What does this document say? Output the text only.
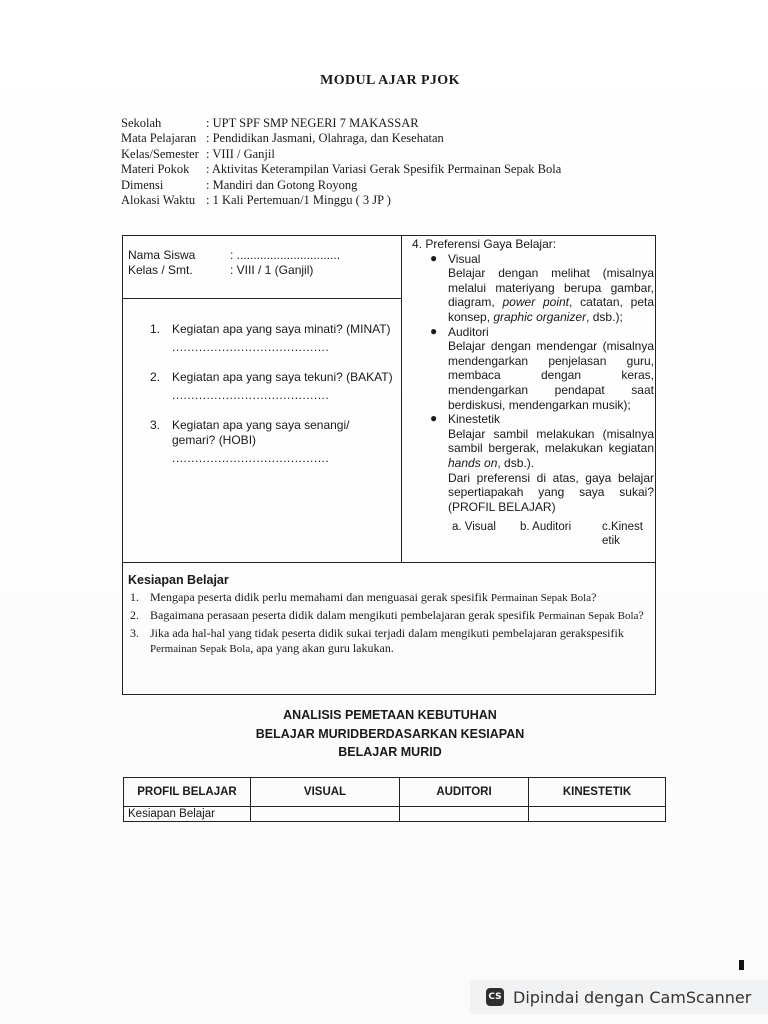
MODUL AJAR PJOK
Sekolah	: UPT SPF SMP NEGERI 7 MAKASSAR
Mata Pelajaran : Pendidikan Jasmani, Olahraga, dan Kesehatan
Kelas/Semester : VIII / Ganjil
Materi Pokok : Aktivitas Keterampilan Variasi Gerak Spesifik Permainan Sepak Bola
Dimensi	: Mandiri dan Gotong Royong
Alokasi Waktu : 1 Kali Pertemuan/1 Minggu ( 3 JP )
Nama Siswa	: ...............................
Kelas / Smt.	: VIII / 1 (Ganjil)
1. Kegiatan apa yang saya minati? (MINAT)
.........................................
2. Kegiatan apa yang saya tekuni? (BAKAT)
.........................................
3. Kegiatan apa yang saya senangi/ gemari? (HOBI)
.........................................
4. Preferensi Gaya Belajar:
● Visual
Belajar dengan melihat (misalnya melalui materiyang berupa gambar, diagram, power point, catatan, peta konsep, graphic organizer, dsb.);
● Auditori
Belajar dengan mendengar (misalnya mendengarkan penjelasan guru, membaca dengan keras, mendengarkan pendapat saat berdiskusi, mendengarkan musik);
● Kinestetik
Belajar sambil melakukan (misalnya sambil bergerak, melakukan kegiatan hands on, dsb.).
Dari preferensi di atas, gaya belajar sepertiapakah yang saya sukai? (PROFIL BELAJAR)
a. Visual	b. Auditori	c.Kinest etik
Kesiapan Belajar
1. Mengapa peserta didik perlu memahami dan menguasai gerak spesifik Permainan Sepak Bola?
2. Bagaimana perasaan peserta didik dalam mengikuti pembelajaran gerak spesifik Permainan Sepak Bola?
3. Jika ada hal-hal yang tidak peserta didik sukai terjadi dalam mengikuti pembelajaran gerakspesifik Permainan Sepak Bola, apa yang akan guru lakukan.
ANALISIS PEMETAAN KEBUTUHAN
BELAJAR MURIDBERDASARKAN KESIAPAN
BELAJAR MURID
PROFIL BELAJAR	VISUAL	AUDITORI	KINESTETIK
Kesiapan Belajar			
CS Dipindai dengan CamScanner
